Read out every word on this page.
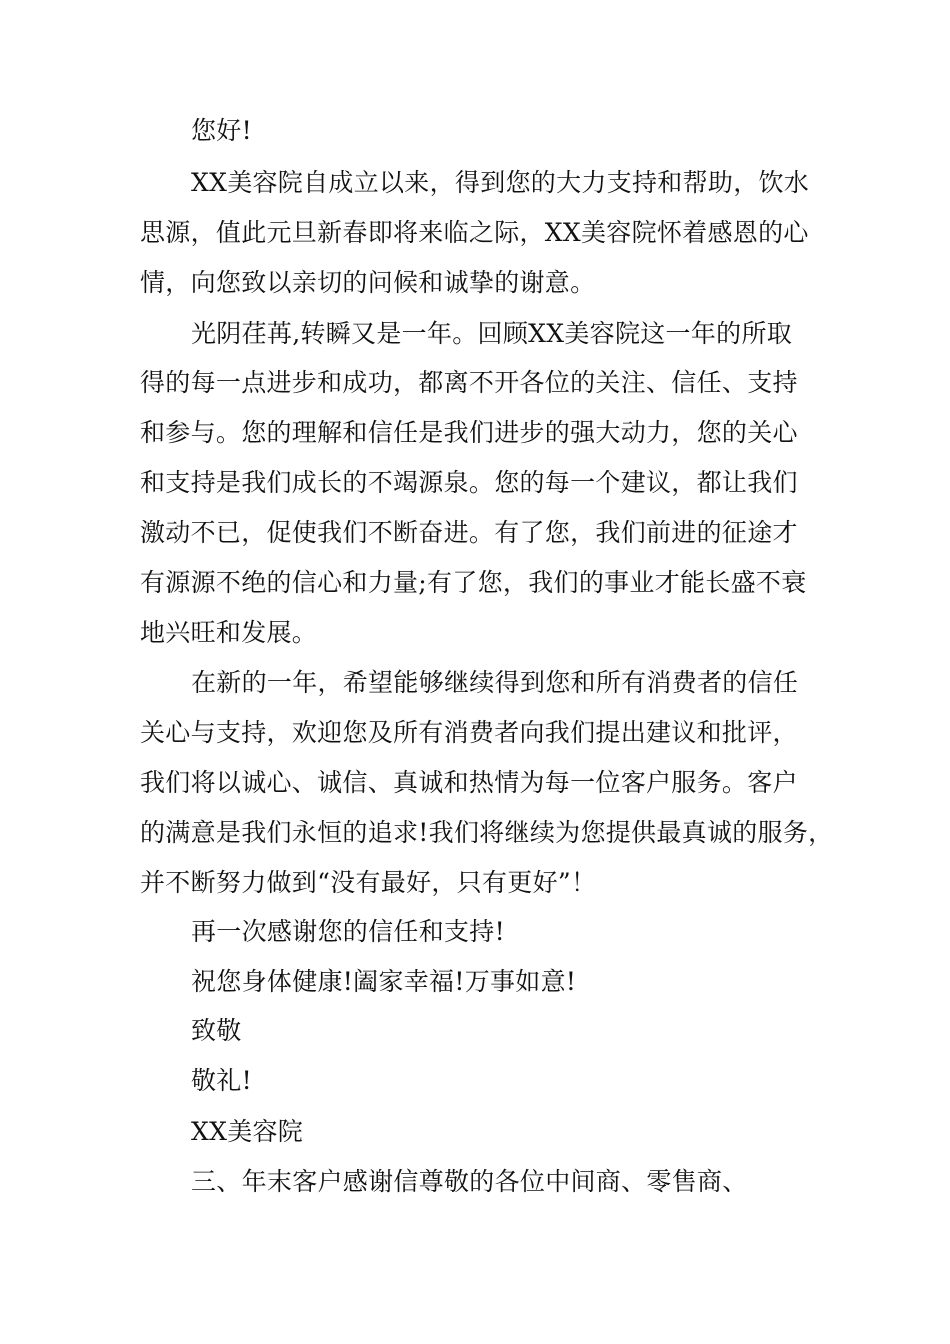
您好!
XX美容院自成立以来，得到您的大力支持和帮助，饮水
思源，值此元旦新春即将来临之际，XX美容院怀着感恩的心
情，向您致以亲切的问候和诚挚的谢意。
光阴荏苒,转瞬又是一年。回顾XX美容院这一年的所取
得的每一点进步和成功，都离不开各位的关注、信任、支持
和参与。您的理解和信任是我们进步的强大动力，您的关心
和支持是我们成长的不竭源泉。您的每一个建议，都让我们
激动不已，促使我们不断奋进。有了您，我们前进的征途才
有源源不绝的信心和力量;有了您，我们的事业才能长盛不衰
地兴旺和发展。
在新的一年，希望能够继续得到您和所有消费者的信任
关心与支持，欢迎您及所有消费者向我们提出建议和批评，
我们将以诚心、诚信、真诚和热情为每一位客户服务。客户
的满意是我们永恒的追求!我们将继续为您提供最真诚的服务，
并不断努力做到“没有最好，只有更好”！
再一次感谢您的信任和支持!
祝您身体健康!阖家幸福!万事如意!
致敬
敬礼!
XX美容院
三、年末客户感谢信尊敬的各位中间商、零售商、
